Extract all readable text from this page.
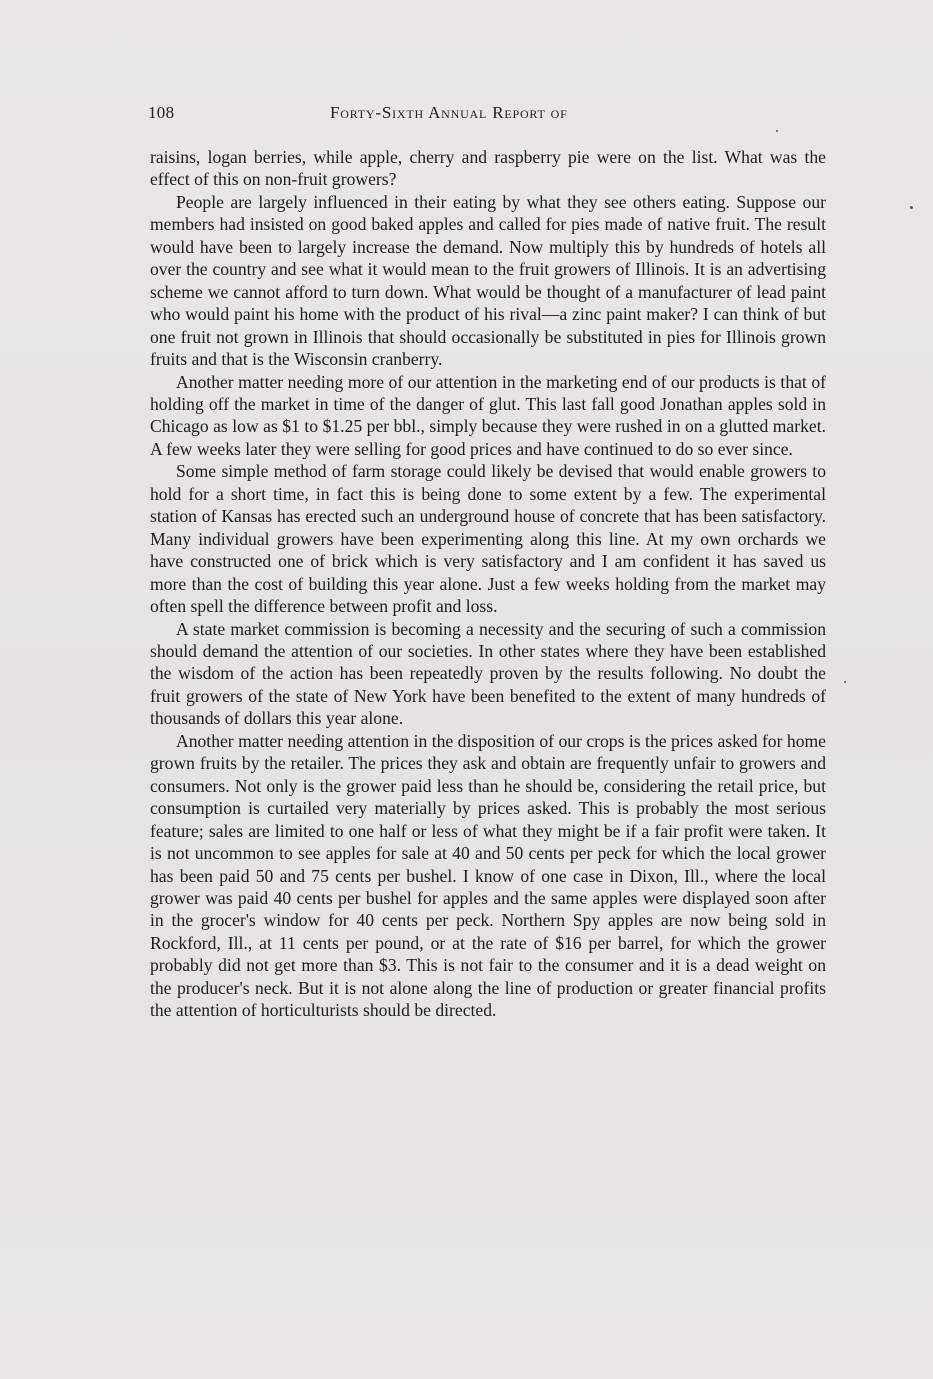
108	Forty-Sixth Annual Report of

raisins, logan berries, while apple, cherry and raspberry pie were on the list. What was the effect of this on non-fruit growers?

People are largely influenced in their eating by what they see others eating. Suppose our members had insisted on good baked apples and called for pies made of native fruit. The result would have been to largely increase the demand. Now multiply this by hundreds of hotels all over the country and see what it would mean to the fruit growers of Illinois. It is an advertising scheme we cannot afford to turn down. What would be thought of a manufacturer of lead paint who would paint his home with the product of his rival—a zinc paint maker? I can think of but one fruit not grown in Illinois that should occasionally be substituted in pies for Illinois grown fruits and that is the Wisconsin cranberry.

Another matter needing more of our attention in the marketing end of our products is that of holding off the market in time of the danger of glut. This last fall good Jonathan apples sold in Chicago as low as $1 to $1.25 per bbl., simply because they were rushed in on a glutted market. A few weeks later they were selling for good prices and have continued to do so ever since.

Some simple method of farm storage could likely be devised that would enable growers to hold for a short time, in fact this is being done to some extent by a few. The experimental station of Kansas has erected such an underground house of concrete that has been satisfactory. Many individual growers have been experimenting along this line. At my own orchards we have constructed one of brick which is very satisfactory and I am confident it has saved us more than the cost of building this year alone. Just a few weeks holding from the market may often spell the difference between profit and loss.

A state market commission is becoming a necessity and the securing of such a commission should demand the attention of our societies. In other states where they have been established the wisdom of the action has been repeatedly proven by the results following. No doubt the fruit growers of the state of New York have been benefited to the extent of many hundreds of thousands of dollars this year alone.

Another matter needing attention in the disposition of our crops is the prices asked for home grown fruits by the retailer. The prices they ask and obtain are frequently unfair to growers and consumers. Not only is the grower paid less than he should be, considering the retail price, but consumption is curtailed very materially by prices asked. This is probably the most serious feature; sales are limited to one half or less of what they might be if a fair profit were taken. It is not uncommon to see apples for sale at 40 and 50 cents per peck for which the local grower has been paid 50 and 75 cents per bushel. I know of one case in Dixon, Ill., where the local grower was paid 40 cents per bushel for apples and the same apples were displayed soon after in the grocer's window for 40 cents per peck. Northern Spy apples are now being sold in Rockford, Ill., at 11 cents per pound, or at the rate of $16 per barrel, for which the grower probably did not get more than $3. This is not fair to the consumer and it is a dead weight on the producer's neck. But it is not alone along the line of production or greater financial profits the attention of horticulturists should be directed.
